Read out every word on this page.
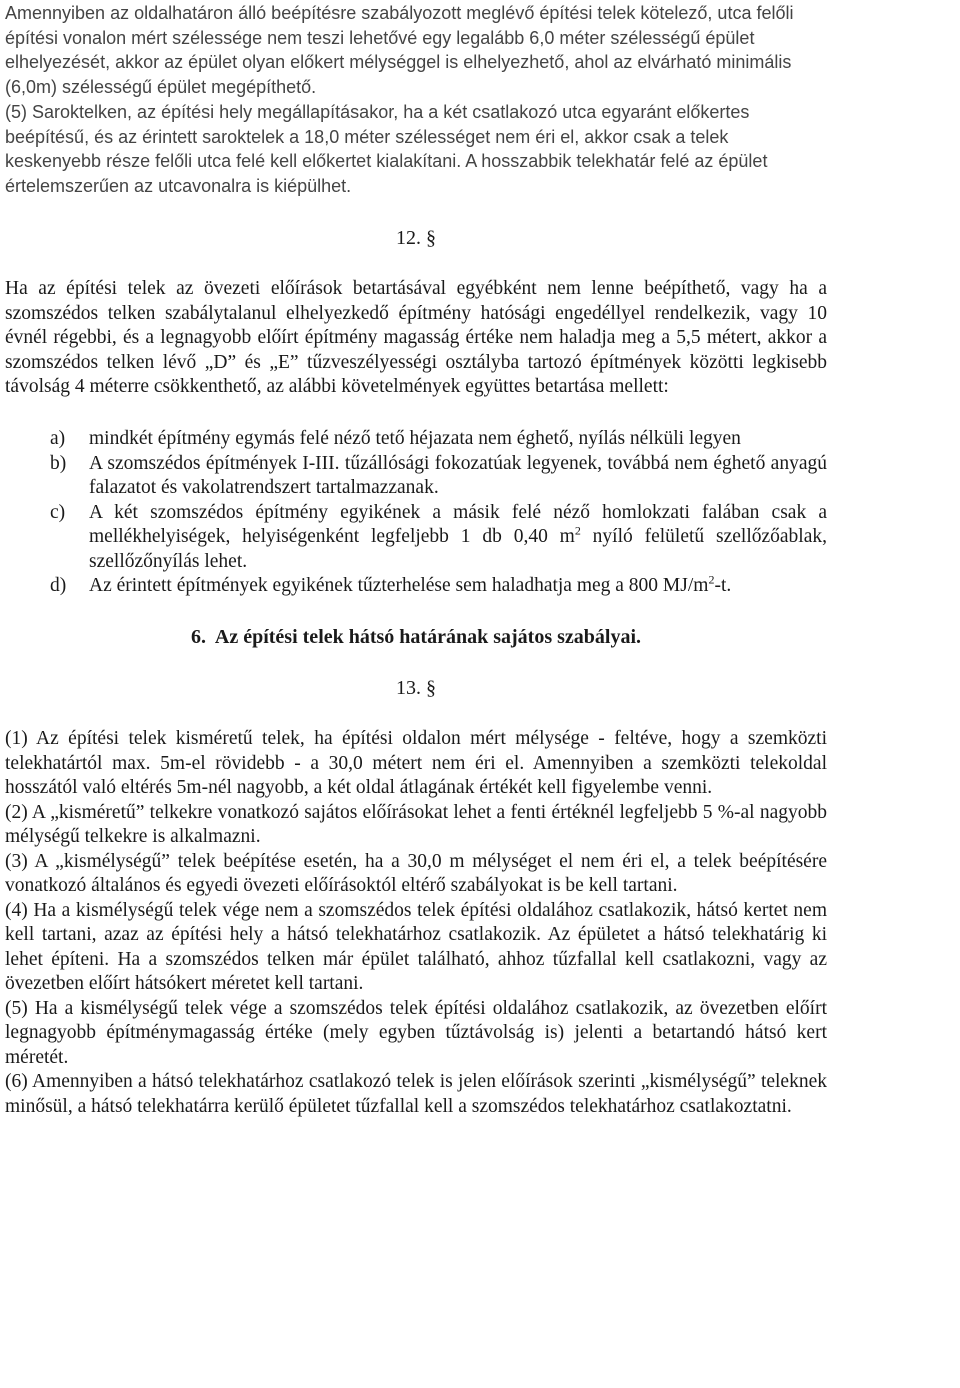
Amennyiben az oldalhatáron álló beépítésre szabályozott meglévő építési telek kötelező, utca felőli építési vonalon mért szélessége nem teszi lehetővé egy legalább 6,0 méter szélességű épület elhelyezését, akkor az épület olyan előkert mélységgel is elhelyezhető, ahol az elvárható minimális (6,0m) szélességű épület megépíthető.

(5) Saroktelken, az építési hely megállapításakor, ha a két csatlakozó utca egyaránt előkertes beépítésű, és az érintett saroktelek a 18,0 méter szélességet nem éri el, akkor csak a telek keskenyebb része felőli utca felé kell előkertet kialakítani. A hosszabbik telekhatár felé az épület értelemszerűen az utcavonalra is kiépülhet.

12. §

Ha az építési telek az övezeti előírások betartásával egyébként nem lenne beépíthető, vagy ha a szomszédos telken szabálytalanul elhelyezkedő építmény hatósági engedéllyel rendelkezik, vagy 10 évnél régebbi, és a legnagyobb előírt építmény magasság értéke nem haladja meg a 5,5 métert, akkor a szomszédos telken lévő „D” és „E” tűzveszélyességi osztályba tartozó építmények közötti legkisebb távolság 4 méterre csökkenthető, az alábbi követelmények együttes betartása mellett:

a) mindkét építmény egymás felé néző tető héjazata nem éghető, nyílás nélküli legyen
b) A szomszédos építmények I-III. tűzállósági fokozatúak legyenek, továbbá nem éghető anyagú falazatot és vakolatrendszert tartalmazzanak.
c) A két szomszédos építmény egyikének a másik felé néző homlokzati falában csak a mellékhelyiségek, helyiségenként legfeljebb 1 db 0,40 $m^2$ nyíló felületű szellőzőablak, szellőzőnyílás lehet.
d) Az érintett építmények egyikének tűzterhelése sem haladhatja meg a 800 $MJ/m^2-t$.

6.  Az építési telek hátsó határának sajátos szabályai.

13. §

(1) Az építési telek kisméretű telek, ha építési oldalon mért mélysége - feltéve, hogy a szemközti telekhatártól max. 5m-el rövidebb - a 30,0 métert nem éri el. Amennyiben a szemközti telekoldal hosszától való eltérés 5m-nél nagyobb, a két oldal átlagának értékét kell figyelembe venni.

(2) A „kisméretű” telkekre vonatkozó sajátos előírásokat lehet a fenti értéknél legfeljebb 5 %-al nagyobb mélységű telkekre is alkalmazni.

(3) A „kismélységű” telek beépítése esetén, ha a 30,0 m mélységet el nem éri el, a telek beépítésére vonatkozó általános és egyedi övezeti előírásoktól eltérő szabályokat is be kell tartani.

(4) Ha a kismélységű telek vége nem a szomszédos telek építési oldalához csatlakozik, hátsó kertet nem kell tartani, azaz az építési hely a hátsó telekhatárhoz csatlakozik. Az épületet a hátsó telekhatárig ki lehet építeni. Ha a szomszédos telken már épület található, ahhoz tűzfallal kell csatlakozni, vagy az övezetben előírt hátsókert méretet kell tartani.

(5) Ha a kismélységű telek vége a szomszédos telek építési oldalához csatlakozik, az övezetben előírt legnagyobb építménymagasság értéke (mely egyben tűztávolság is) jelenti a betartandó hátsó kert méretét.

(6) Amennyiben a hátsó telekhatárhoz csatlakozó telek is jelen előírások szerinti „kismélységű” teleknek minősül, a hátsó telekhatárra kerülő épületet tűzfallal kell a szomszédos telekhatárhoz csatlakoztatni.
